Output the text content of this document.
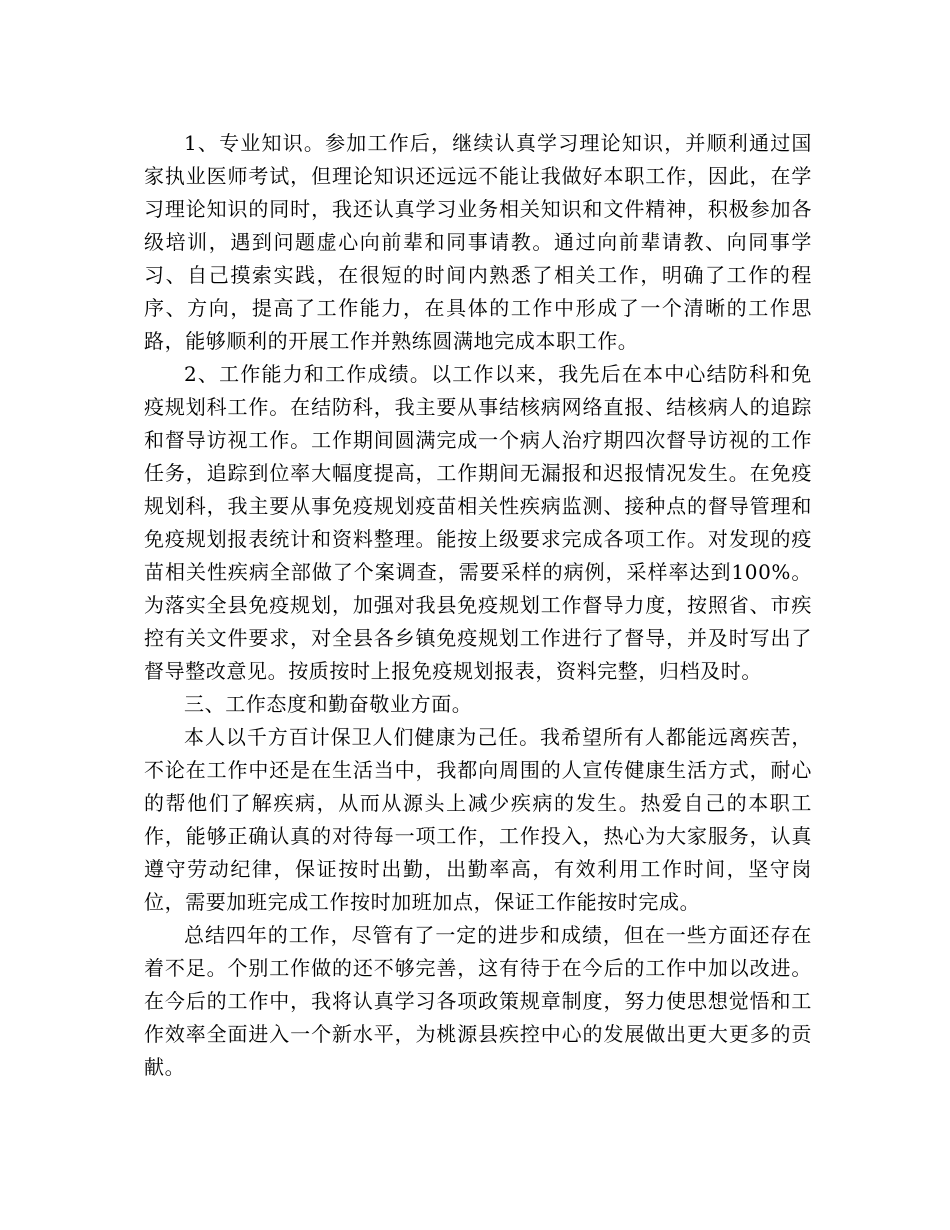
1、专业知识。参加工作后，继续认真学习理论知识，并顺利通过国家执业医师考试，但理论知识还远远不能让我做好本职工作，因此，在学习理论知识的同时，我还认真学习业务相关知识和文件精神，积极参加各级培训，遇到问题虚心向前辈和同事请教。通过向前辈请教、向同事学习、自己摸索实践，在很短的时间内熟悉了相关工作，明确了工作的程序、方向，提高了工作能力，在具体的工作中形成了一个清晰的工作思路，能够顺利的开展工作并熟练圆满地完成本职工作。

2、工作能力和工作成绩。以工作以来，我先后在本中心结防科和免疫规划科工作。在结防科，我主要从事结核病网络直报、结核病人的追踪和督导访视工作。工作期间圆满完成一个病人治疗期四次督导访视的工作任务，追踪到位率大幅度提高，工作期间无漏报和迟报情况发生。在免疫规划科，我主要从事免疫规划疫苗相关性疾病监测、接种点的督导管理和免疫规划报表统计和资料整理。能按上级要求完成各项工作。对发现的疫苗相关性疾病全部做了个案调查，需要采样的病例，采样率达到100%。为落实全县免疫规划，加强对我县免疫规划工作督导力度，按照省、市疾控有关文件要求，对全县各乡镇免疫规划工作进行了督导，并及时写出了督导整改意见。按质按时上报免疫规划报表，资料完整，归档及时。

三、工作态度和勤奋敬业方面。

本人以千方百计保卫人们健康为己任。我希望所有人都能远离疾苦，不论在工作中还是在生活当中，我都向周围的人宣传健康生活方式，耐心的帮他们了解疾病，从而从源头上减少疾病的发生。热爱自己的本职工作，能够正确认真的对待每一项工作，工作投入，热心为大家服务，认真遵守劳动纪律，保证按时出勤，出勤率高，有效利用工作时间，坚守岗位，需要加班完成工作按时加班加点，保证工作能按时完成。

总结四年的工作，尽管有了一定的进步和成绩，但在一些方面还存在着不足。个别工作做的还不够完善，这有待于在今后的工作中加以改进。在今后的工作中，我将认真学习各项政策规章制度，努力使思想觉悟和工作效率全面进入一个新水平，为桃源县疾控中心的发展做出更大更多的贡献。
